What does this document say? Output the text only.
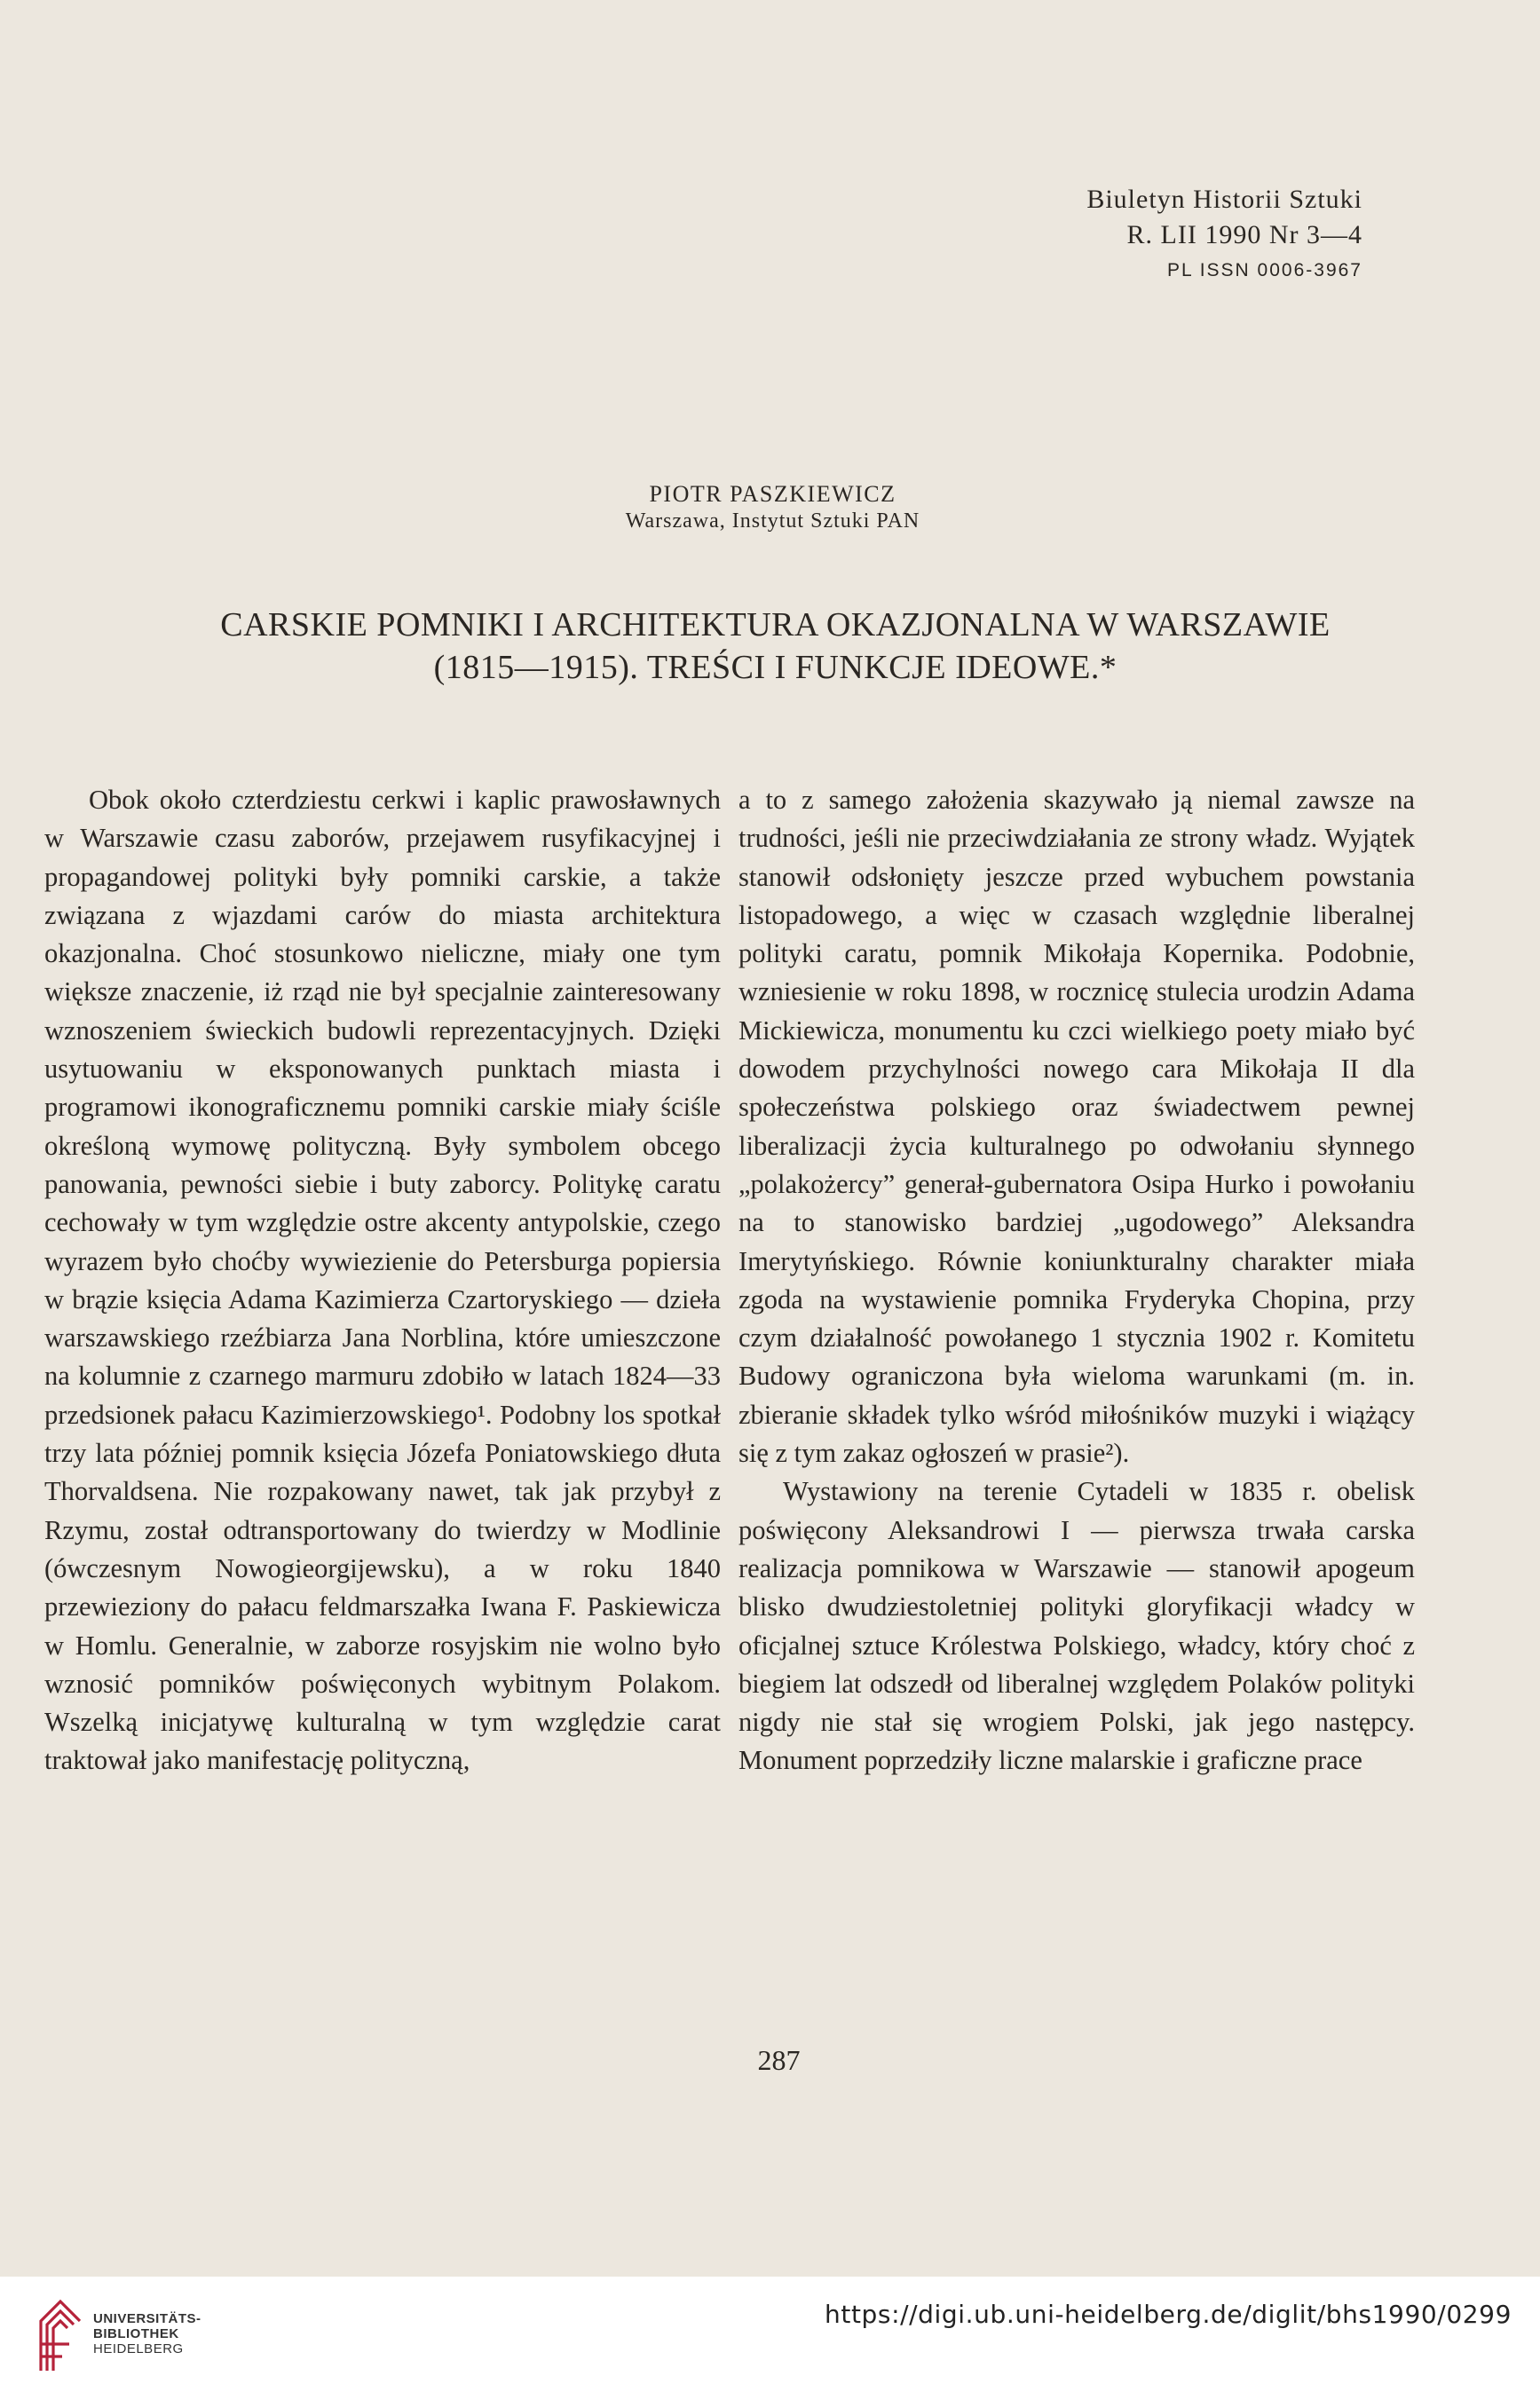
Biuletyn Historii Sztuki
R. LII 1990 Nr 3—4
PL ISSN 0006-3967
PIOTR PASZKIEWICZ
Warszawa, Instytut Sztuki PAN
CARSKIE POMNIKI I ARCHITEKTURA OKAZJONALNA W WARSZAWIE
(1815—1915). TREŚCI I FUNKCJE IDEOWE.*

Obok około czterdziestu cerkwi i kaplic prawosławnych w Warszawie czasu zaborów, przejawem rusyfikacyjnej i propagandowej polityki były pomniki carskie, a także związana z wjazdami carów do miasta architektura okazjonalna. Choć stosunkowo nieliczne, miały one tym większe znaczenie, iż rząd nie był specjalnie zainteresowany wznoszeniem świeckich budowli reprezentacyjnych. Dzięki usytuowaniu w eksponowanych punktach miasta i programowi ikonograficznemu pomniki carskie miały ściśle określoną wymowę polityczną. Były symbolem obcego panowania, pewności siebie i buty zaborcy. Politykę caratu cechowały w tym względzie ostre akcenty antypolskie, czego wyrazem było choćby wywiezienie do Petersburga popiersia w brązie księcia Adama Kazimierza Czartoryskiego — dzieła warszawskiego rzeźbiarza Jana Norblina, które umieszczone na kolumnie z czarnego marmuru zdobiło w latach 1824—33 przedsionek pałacu Kazimierzowskiego¹. Podobny los spotkał trzy lata później pomnik księcia Józefa Poniatowskiego dłuta Thorvaldsena. Nie rozpakowany nawet, tak jak przybył z Rzymu, został odtransportowany do twierdzy w Modlinie (ówczesnym Nowogieorgijewsku), a w roku 1840 przewieziony do pałacu feldmarszałka Iwana F. Paskiewicza w Homlu. Generalnie, w zaborze rosyjskim nie wolno było wznosić pomników poświęconych wybitnym Polakom. Wszelką inicjatywę kulturalną w tym względzie carat traktował jako manifestację polityczną,

a to z samego założenia skazywało ją niemal zawsze na trudności, jeśli nie przeciwdziałania ze strony władz. Wyjątek stanowił odsłonięty jeszcze przed wybuchem powstania listopadowego, a więc w czasach względnie liberalnej polityki caratu, pomnik Mikołaja Kopernika. Podobnie, wzniesienie w roku 1898, w rocznicę stulecia urodzin Adama Mickiewicza, monumentu ku czci wielkiego poety miało być dowodem przychylności nowego cara Mikołaja II dla społeczeństwa polskiego oraz świadectwem pewnej liberalizacji życia kulturalnego po odwołaniu słynnego „polakożercy” generał-gubernatora Osipa Hurko i powołaniu na to stanowisko bardziej „ugodowego” Aleksandra Imerytyńskiego. Równie koniunkturalny charakter miała zgoda na wystawienie pomnika Fryderyka Chopina, przy czym działalność powołanego 1 stycznia 1902 r. Komitetu Budowy ograniczona była wieloma warunkami (m. in. zbieranie składek tylko wśród miłośników muzyki i wiążący się z tym zakaz ogłoszeń w prasie²).

Wystawiony na terenie Cytadeli w 1835 r. obelisk poświęcony Aleksandrowi I — pierwsza trwała carska realizacja pomnikowa w Warszawie — stanowił apogeum blisko dwudziestoletniej polityki gloryfikacji władcy w oficjalnej sztuce Królestwa Polskiego, władcy, który choć z biegiem lat odszedł od liberalnej względem Polaków polityki nigdy nie stał się wrogiem Polski, jak jego następcy. Monument poprzedziły liczne malarskie i graficzne prace

287
UNIVERSITÄTS-
BIBLIOTHEK
HEIDELBERG
https://digi.ub.uni-heidelberg.de/diglit/bhs1990/0299
